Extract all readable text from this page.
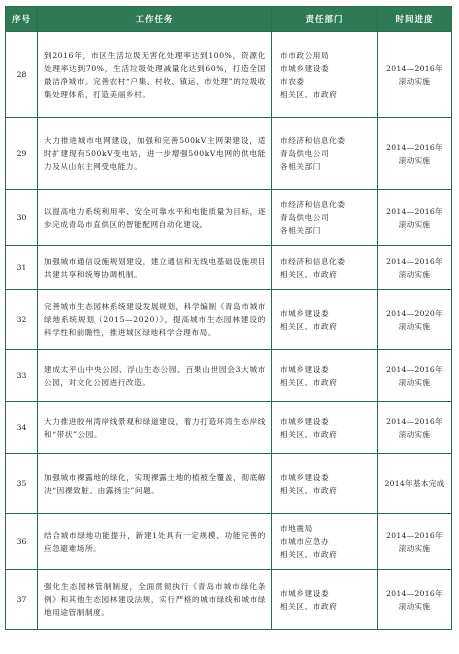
序号	工作任务	责任部门	时间进度
28	到2016年，市区生活垃圾无害化处理率达到100%，资源化处理率达到70%，生活垃圾处理减量化达到60%，打造全国最洁净城市。完善农村“户集、村收、镇运、市处理”的垃圾收集处理体系，打造美丽乡村。	市市政公用局
市城乡建设委
市农委
相关区、市政府	2014—2016年
滚动实施

29	大力推进城市电网建设，加强和完善500kV主网架建设，适时扩建现有500kV变电站，进一步增强500kV电网的供电能力及从山东主网受电能力。	市经济和信息化委
青岛供电公司
各相关部门	2014—2016年
滚动实施

30	以提高电力系统利用率、安全可靠水平和电能质量为目标，逐步完成青岛市直供区的智能配网自动化建设。	市经济和信息化委
青岛供电公司
各相关部门	2014—2016年
滚动实施

31	加强城市通信设施规划建设，建立通信和无线电基础设施项目共建共享和统筹协调机制。	市经济和信息化委
相关区、市政府	2014—2016年
滚动实施

32	完善城市生态园林系统建设发展规划，科学编制《青岛市城市绿地系统规划（2015—2020）》，提高城市生态园林建设的科学性和前瞻性，推进城区绿地科学合理布局。	市城乡建设委
相关区、市政府	2014—2020年
滚动实施

33	建成太平山中央公园、浮山生态公园、百果山世园会3大城市公园，对文化公园进行改造。	市城乡建设委
相关区、市政府	2014—2016年
滚动实施

34	大力推进胶州湾岸线景观和绿道建设，着力打造环湾生态岸线和“带状”公园。	市城乡建设委
相关区、市政府	2014—2016年
滚动实施

35	加强城市裸露地的绿化，实现裸露土地的植被全覆盖，彻底解决“因裸致脏、由露扬尘”问题。	市城乡建设委
相关区、市政府	2014年基本完成

36	结合城市绿地功能提升，新建1处具有一定规模、功能完善的应急避难场所。	市地震局
市城市应急办
相关区、市政府	2014—2016年
滚动实施

37	强化生态园林管制制度，全面贯彻执行《青岛市城市绿化条例》和其他生态园林建设法规，实行严格的城市绿线和城市绿地用途管制制度。	市城乡建设委
相关区、市政府	2014—2016年
滚动实施
